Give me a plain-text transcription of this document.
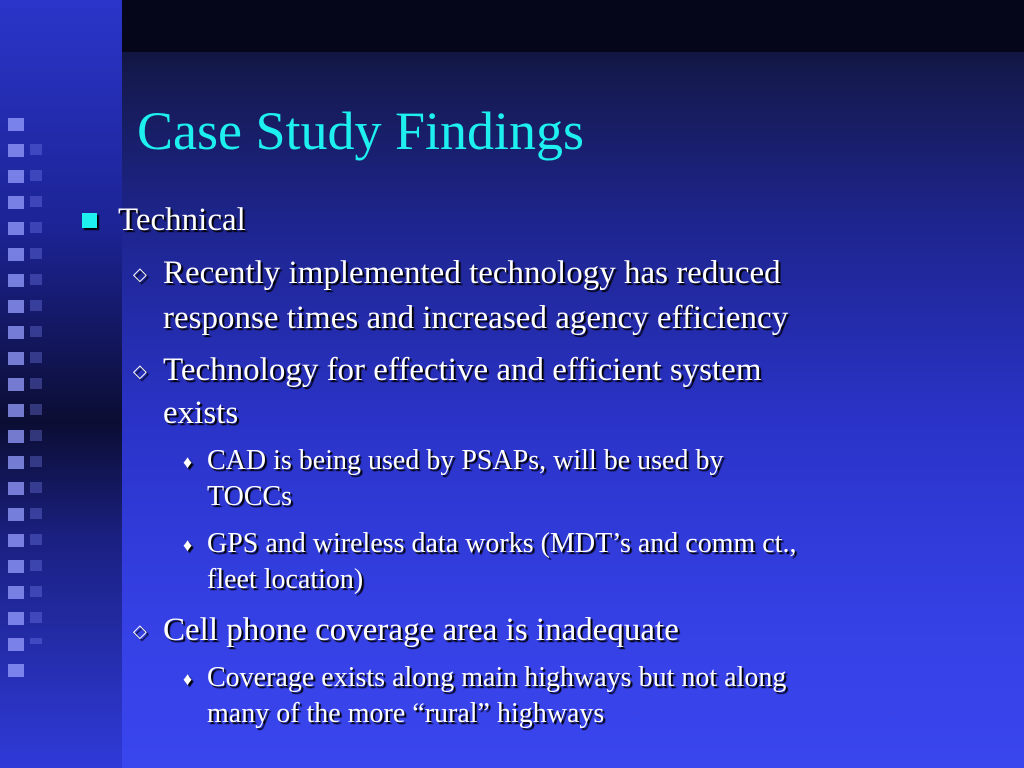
Case Study Findings
Technical
◇ Recently implemented technology has reduced
response times and increased agency efficiency
◇ Technology for effective and efficient system
exists
♦ CAD is being used by PSAPs, will be used by
TOCCs
♦ GPS and wireless data works (MDT’s and comm ct.,
fleet location)
◇ Cell phone coverage area is inadequate
♦ Coverage exists along main highways but not along
many of the more “rural” highways
